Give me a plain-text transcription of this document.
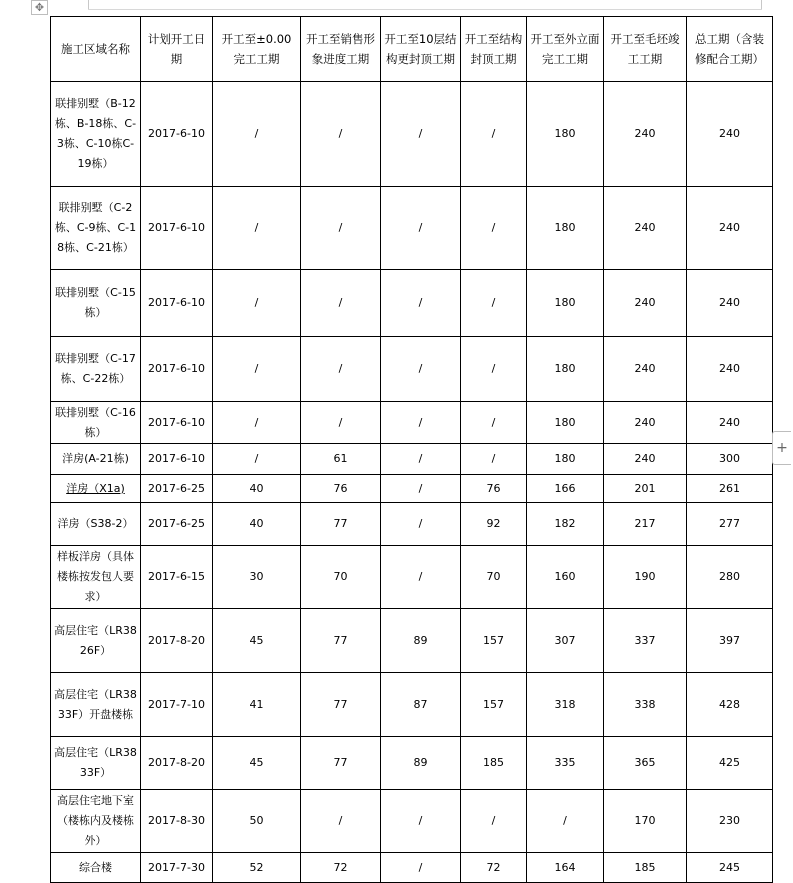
✥
施工区域名称	计划开工日期	开工至±0.00完工工期	开工至销售形象进度工期	开工至10层结构更封顶工期	开工至结构封顶工期	开工至外立面完工工期	开工至毛坯竣工工期	总工期（含装修配合工期）
联排别墅（B-12栋、B-18栋、C-3栋、C-10栋C-19栋）	2017-6-10	/	/	/	/	180	240	240
联排别墅（C-2栋、C-9栋、C-18栋、C-21栋）	2017-6-10	/	/	/	/	180	240	240
联排别墅（C-15栋）	2017-6-10	/	/	/	/	180	240	240
联排别墅（C-17栋、C-22栋）	2017-6-10	/	/	/	/	180	240	240
联排别墅（C-16栋）	2017-6-10	/	/	/	/	180	240	240
洋房(A-21栋)	2017-6-10	/	61	/	/	180	240	300
洋房（X1a)	2017-6-25	40	76	/	76	166	201	261
洋房（S38-2）	2017-6-25	40	77	/	92	182	217	277
样板洋房（具体楼栋按发包人要求）	2017-6-15	30	70	/	70	160	190	280
高层住宅（LR38 26F）	2017-8-20	45	77	89	157	307	337	397
高层住宅（LR38 33F）开盘楼栋	2017-7-10	41	77	87	157	318	338	428
高层住宅（LR38 33F）	2017-8-20	45	77	89	185	335	365	425
高层住宅地下室（楼栋内及楼栋外）	2017-8-30	50	/	/	/	/	170	230
综合楼	2017-7-30	52	72	/	72	164	185	245
+
